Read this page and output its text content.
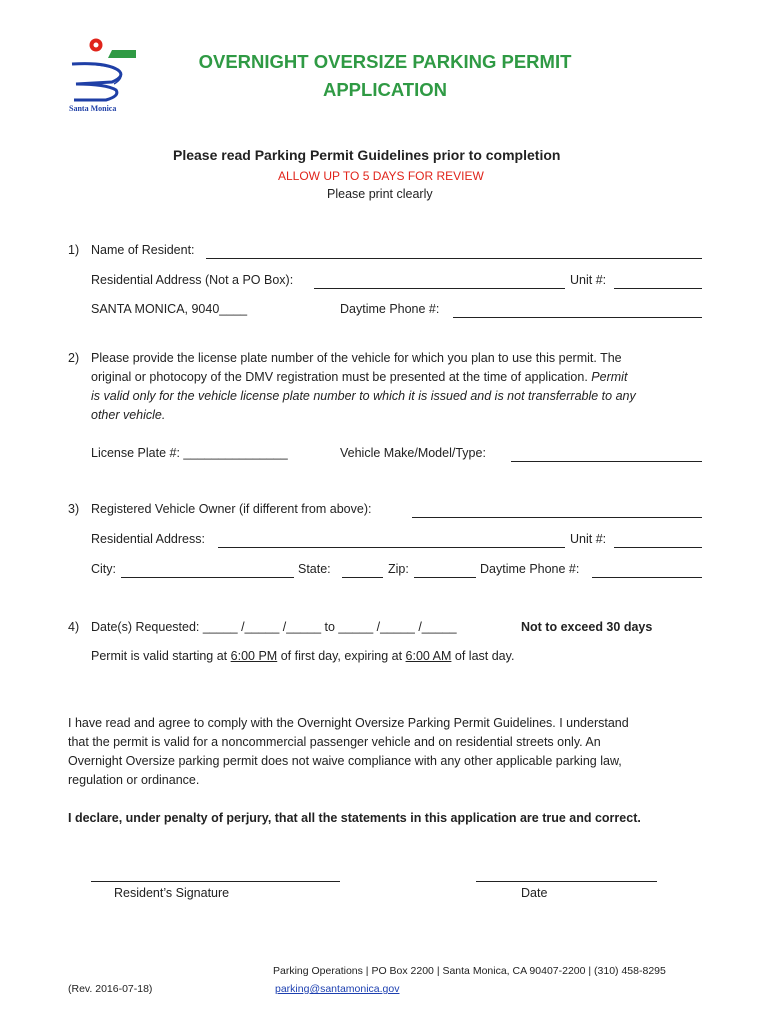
Santa Monica
OVERNIGHT OVERSIZE PARKING PERMIT
APPLICATION
Please read Parking Permit Guidelines prior to completion
ALLOW UP TO 5 DAYS FOR REVIEW
Please print clearly
1) Name of Resident:
Residential Address (Not a PO Box):	Unit #:
SANTA MONICA, 9040____	Daytime Phone #:
2) Please provide the license plate number of the vehicle for which you plan to use this permit. The
original or photocopy of the DMV registration must be presented at the time of application. Permit
is valid only for the vehicle license plate number to which it is issued and is not transferrable to any
other vehicle.
License Plate #: _______________	Vehicle Make/Model/Type:
3) Registered Vehicle Owner (if different from above):
Residential Address:	Unit #:
City:	State:	Zip:	Daytime Phone #:
4) Date(s) Requested: _____ /_____ /_____ to _____ /_____ /_____	Not to exceed 30 days
Permit is valid starting at 6:00 PM of first day, expiring at 6:00 AM of last day.
I have read and agree to comply with the Overnight Oversize Parking Permit Guidelines. I understand
that the permit is valid for a noncommercial passenger vehicle and on residential streets only. An
Overnight Oversize parking permit does not waive compliance with any other applicable parking law,
regulation or ordinance.
I declare, under penalty of perjury, that all the statements in this application are true and correct.
Resident’s Signature	Date
(Rev. 2016-07-18)
Parking Operations | PO Box 2200 | Santa Monica, CA 90407-2200 | (310) 458-8295
parking@santamonica.gov
